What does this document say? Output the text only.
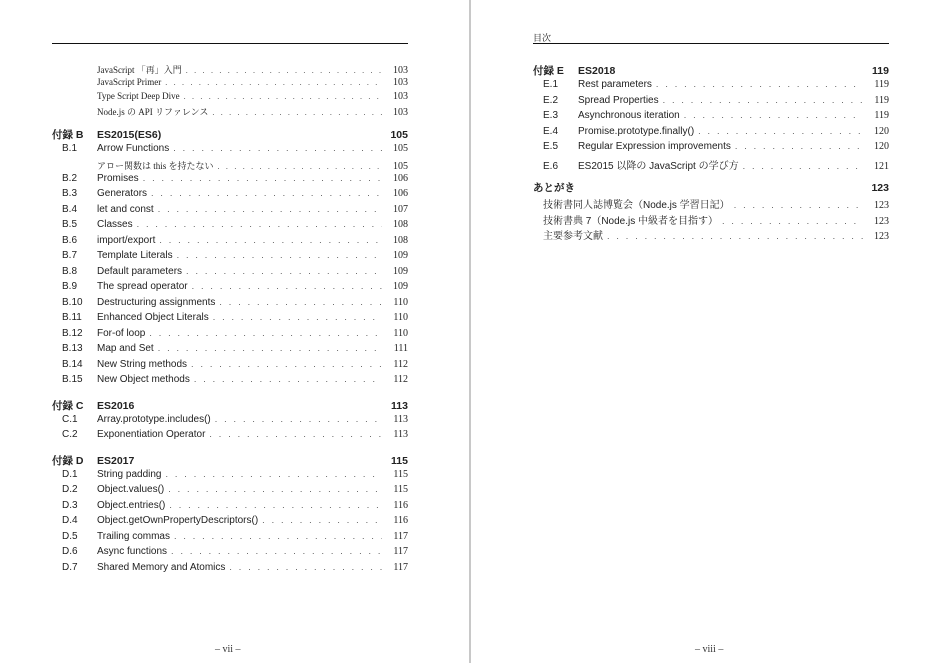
JavaScript 「再」入門 . . .	103
JavaScript Primer . . .	103
Type Script Deep Dive . . .	103
Node.js の API リファレンス . . .	103
付録 B	ES2015(ES6)	105
B.1	Arrow Functions . . .	105
アロー関数は this を持たない . . .	105
B.2	Promises . . .	106
B.3	Generators . . .	106
B.4	let and const . . .	107
B.5	Classes . . .	108
B.6	import/export . . .	108
B.7	Template Literals . . .	109
B.8	Default parameters . . .	109
B.9	The spread operator . . .	109
B.10	Destructuring assignments . . .	110
B.11	Enhanced Object Literals . . .	110
B.12	For-of loop . . .	110
B.13	Map and Set . . .	111
B.14	New String methods . . .	112
B.15	New Object methods . . .	112
付録 C	ES2016	113
C.1	Array.prototype.includes() . . .	113
C.2	Exponentiation Operator . . .	113
付録 D	ES2017	115
D.1	String padding . . .	115
D.2	Object.values() . . .	115
D.3	Object.entries() . . .	116
D.4	Object.getOwnPropertyDescriptors() . . .	116
D.5	Trailing commas . . .	117
D.6	Async functions . . .	117
D.7	Shared Memory and Atomics . . .	117
– vii –
目次
付録 E	ES2018	119
E.1	Rest parameters . . .	119
E.2	Spread Properties . . .	119
E.3	Asynchronous iteration . . .	119
E.4	Promise.prototype.finally() . . .	120
E.5	Regular Expression improvements . . .	120
E.6	ES2015 以降の JavaScript の学び方 . . .	121
あとがき	123
技術書同人誌博覧会（Node.js 学習日記） . . .	123
技術書典 7（Node.js 中級者を目指す） . . .	123
主要参考文献 . . .	123
– viii –
